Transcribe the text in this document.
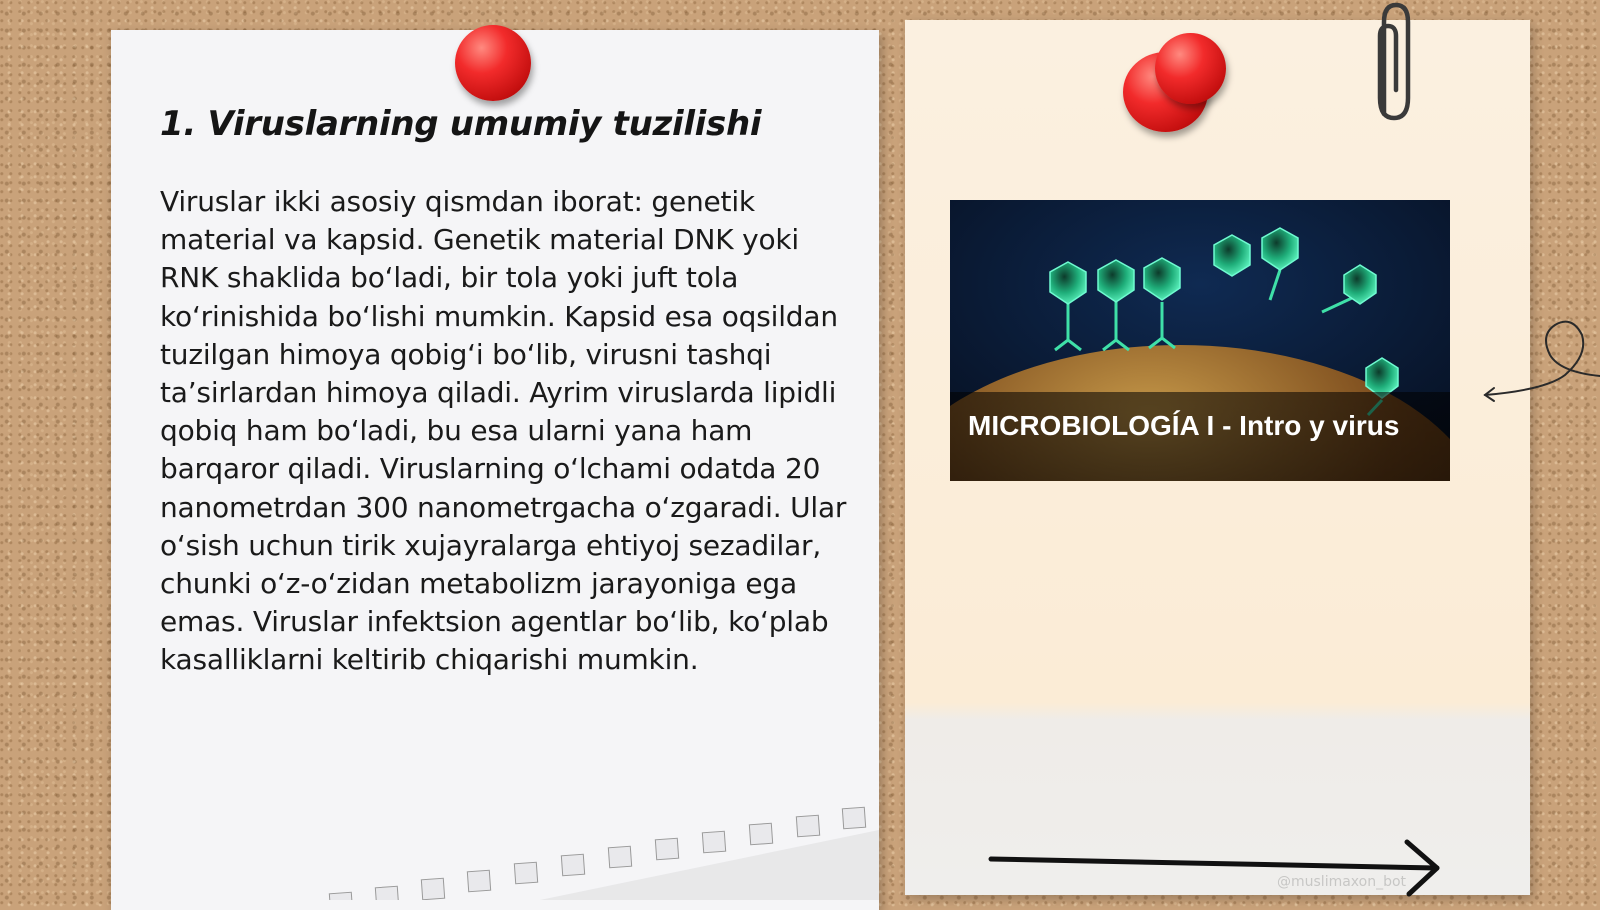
1. Viruslarning umumiy tuzilishi

Viruslar ikki asosiy qismdan iborat: genetik material va kapsid. Genetik material DNK yoki RNK shaklida bo‘ladi, bir tola yoki juft tola ko‘rinishida bo‘lishi mumkin. Kapsid esa oqsildan tuzilgan himoya qobig‘i bo‘lib, virusni tashqi ta’sirlardan himoya qiladi. Ayrim viruslarda lipidli qobiq ham bo‘ladi, bu esa ularni yana ham barqaror qiladi. Viruslarning o‘lchami odatda 20 nanometrdan 300 nanometrgacha o‘zgaradi. Ular o‘sish uchun tirik xujayralarga ehtiyoj sezadilar, chunki o‘z-o‘zidan metabolizm jarayoniga ega emas. Viruslar infektsion agentlar bo‘lib, ko‘plab kasalliklarni keltirib chiqarishi mumkin.

MICROBIOLOGÍA I - Intro y virus
@muslimaxon_bot
